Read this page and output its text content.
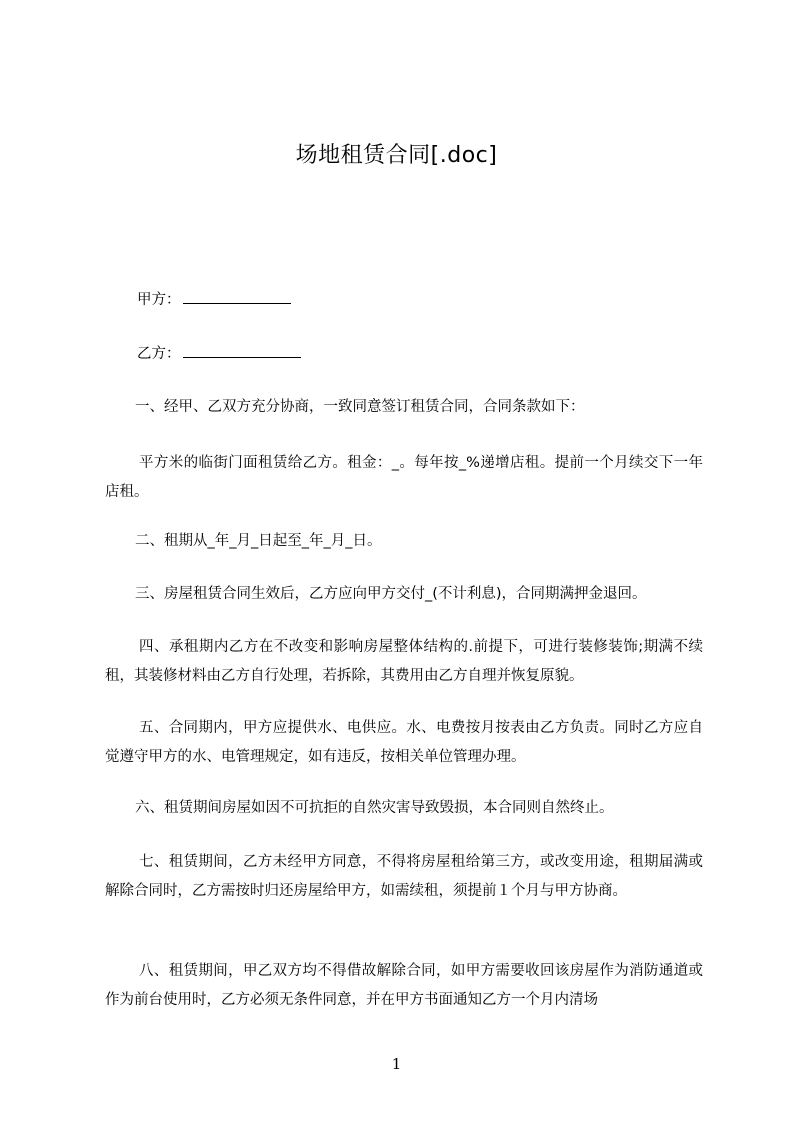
场地租赁合同[.doc]

甲方：

乙方：

一、经甲、乙双方充分协商，一致同意签订租赁合同，合同条款如下：

平方米的临街门面租赁给乙方。租金：_。每年按_%递增店租。提前一个月续交下一年店租。

二、租期从_年_月_日起至_年_月_日。

三、房屋租赁合同生效后，乙方应向甲方交付_(不计利息)，合同期满押金退回。

四、承租期内乙方在不改变和影响房屋整体结构的.前提下，可进行装修装饰;期满不续租，其装修材料由乙方自行处理，若拆除，其费用由乙方自理并恢复原貌。

五、合同期内，甲方应提供水、电供应。水、电费按月按表由乙方负责。同时乙方应自觉遵守甲方的水、电管理规定，如有违反，按相关单位管理办理。

六、租赁期间房屋如因不可抗拒的自然灾害导致毁损，本合同则自然终止。

七、租赁期间，乙方未经甲方同意，不得将房屋租给第三方，或改变用途，租期届满或解除合同时，乙方需按时归还房屋给甲方，如需续租，须提前１个月与甲方协商。

八、租赁期间，甲乙双方均不得借故解除合同，如甲方需要收回该房屋作为消防通道或作为前台使用时，乙方必须无条件同意，并在甲方书面通知乙方一个月内清场

1
